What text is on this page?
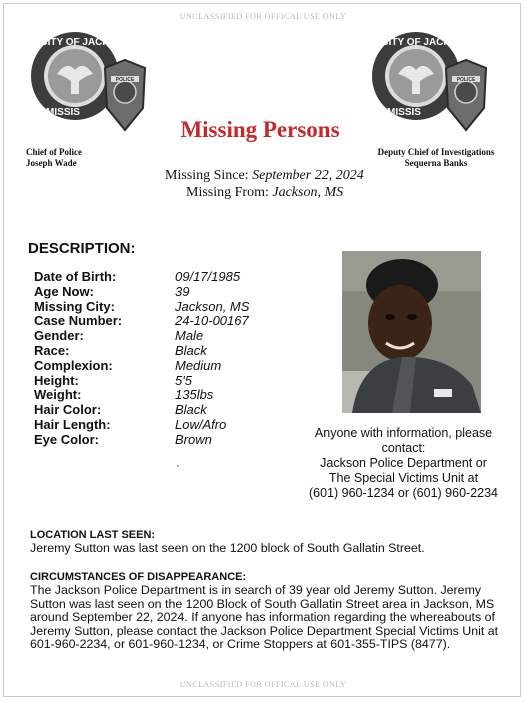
UNCLASSIFIED FOR OFFICAL USE ONLY
CITY OF JACK
MISSIS
POLICE
CITY OF JACK
MISSIS
POLICE
Chief of Police
Joseph Wade
Deputy Chief of Investigations
Sequerna Banks
Missing Persons
Missing Since: September 22, 2024
Missing From: Jackson, MS
DESCRIPTION:
Date of Birth:	09/17/1985
Age Now:	39
Missing City:	Jackson, MS
Case Number:	24-10-00167
Gender:	Male
Race:	Black
Complexion:	Medium
Height:	5'5
Weight:	135lbs
Hair Color:	Black
Hair Length:	Low/Afro
Eye Color:	Brown	Anyone with information, please
contact:
Jackson Police Department or
The Special Victims Unit at
(601) 960-1234 or (601) 960-2234
LOCATION LAST SEEN:
Jeremy Sutton was last seen on the 1200 block of South Gallatin Street.
CIRCUMSTANCES OF DISAPPEARANCE:
The Jackson Police Department is in search of 39 year old Jeremy Sutton. Jeremy Sutton was last seen on the 1200 Block of South Gallatin Street area in Jackson, MS around September 22, 2024. If anyone has information regarding the whereabouts of Jeremy Sutton, please contact the Jackson Police Department Special Victims Unit at 601-960-2234, or 601-960-1234, or Crime Stoppers at 601-355-TIPS (8477).
UNCLASSIFIED FOR OFFICAL USE ONLY
